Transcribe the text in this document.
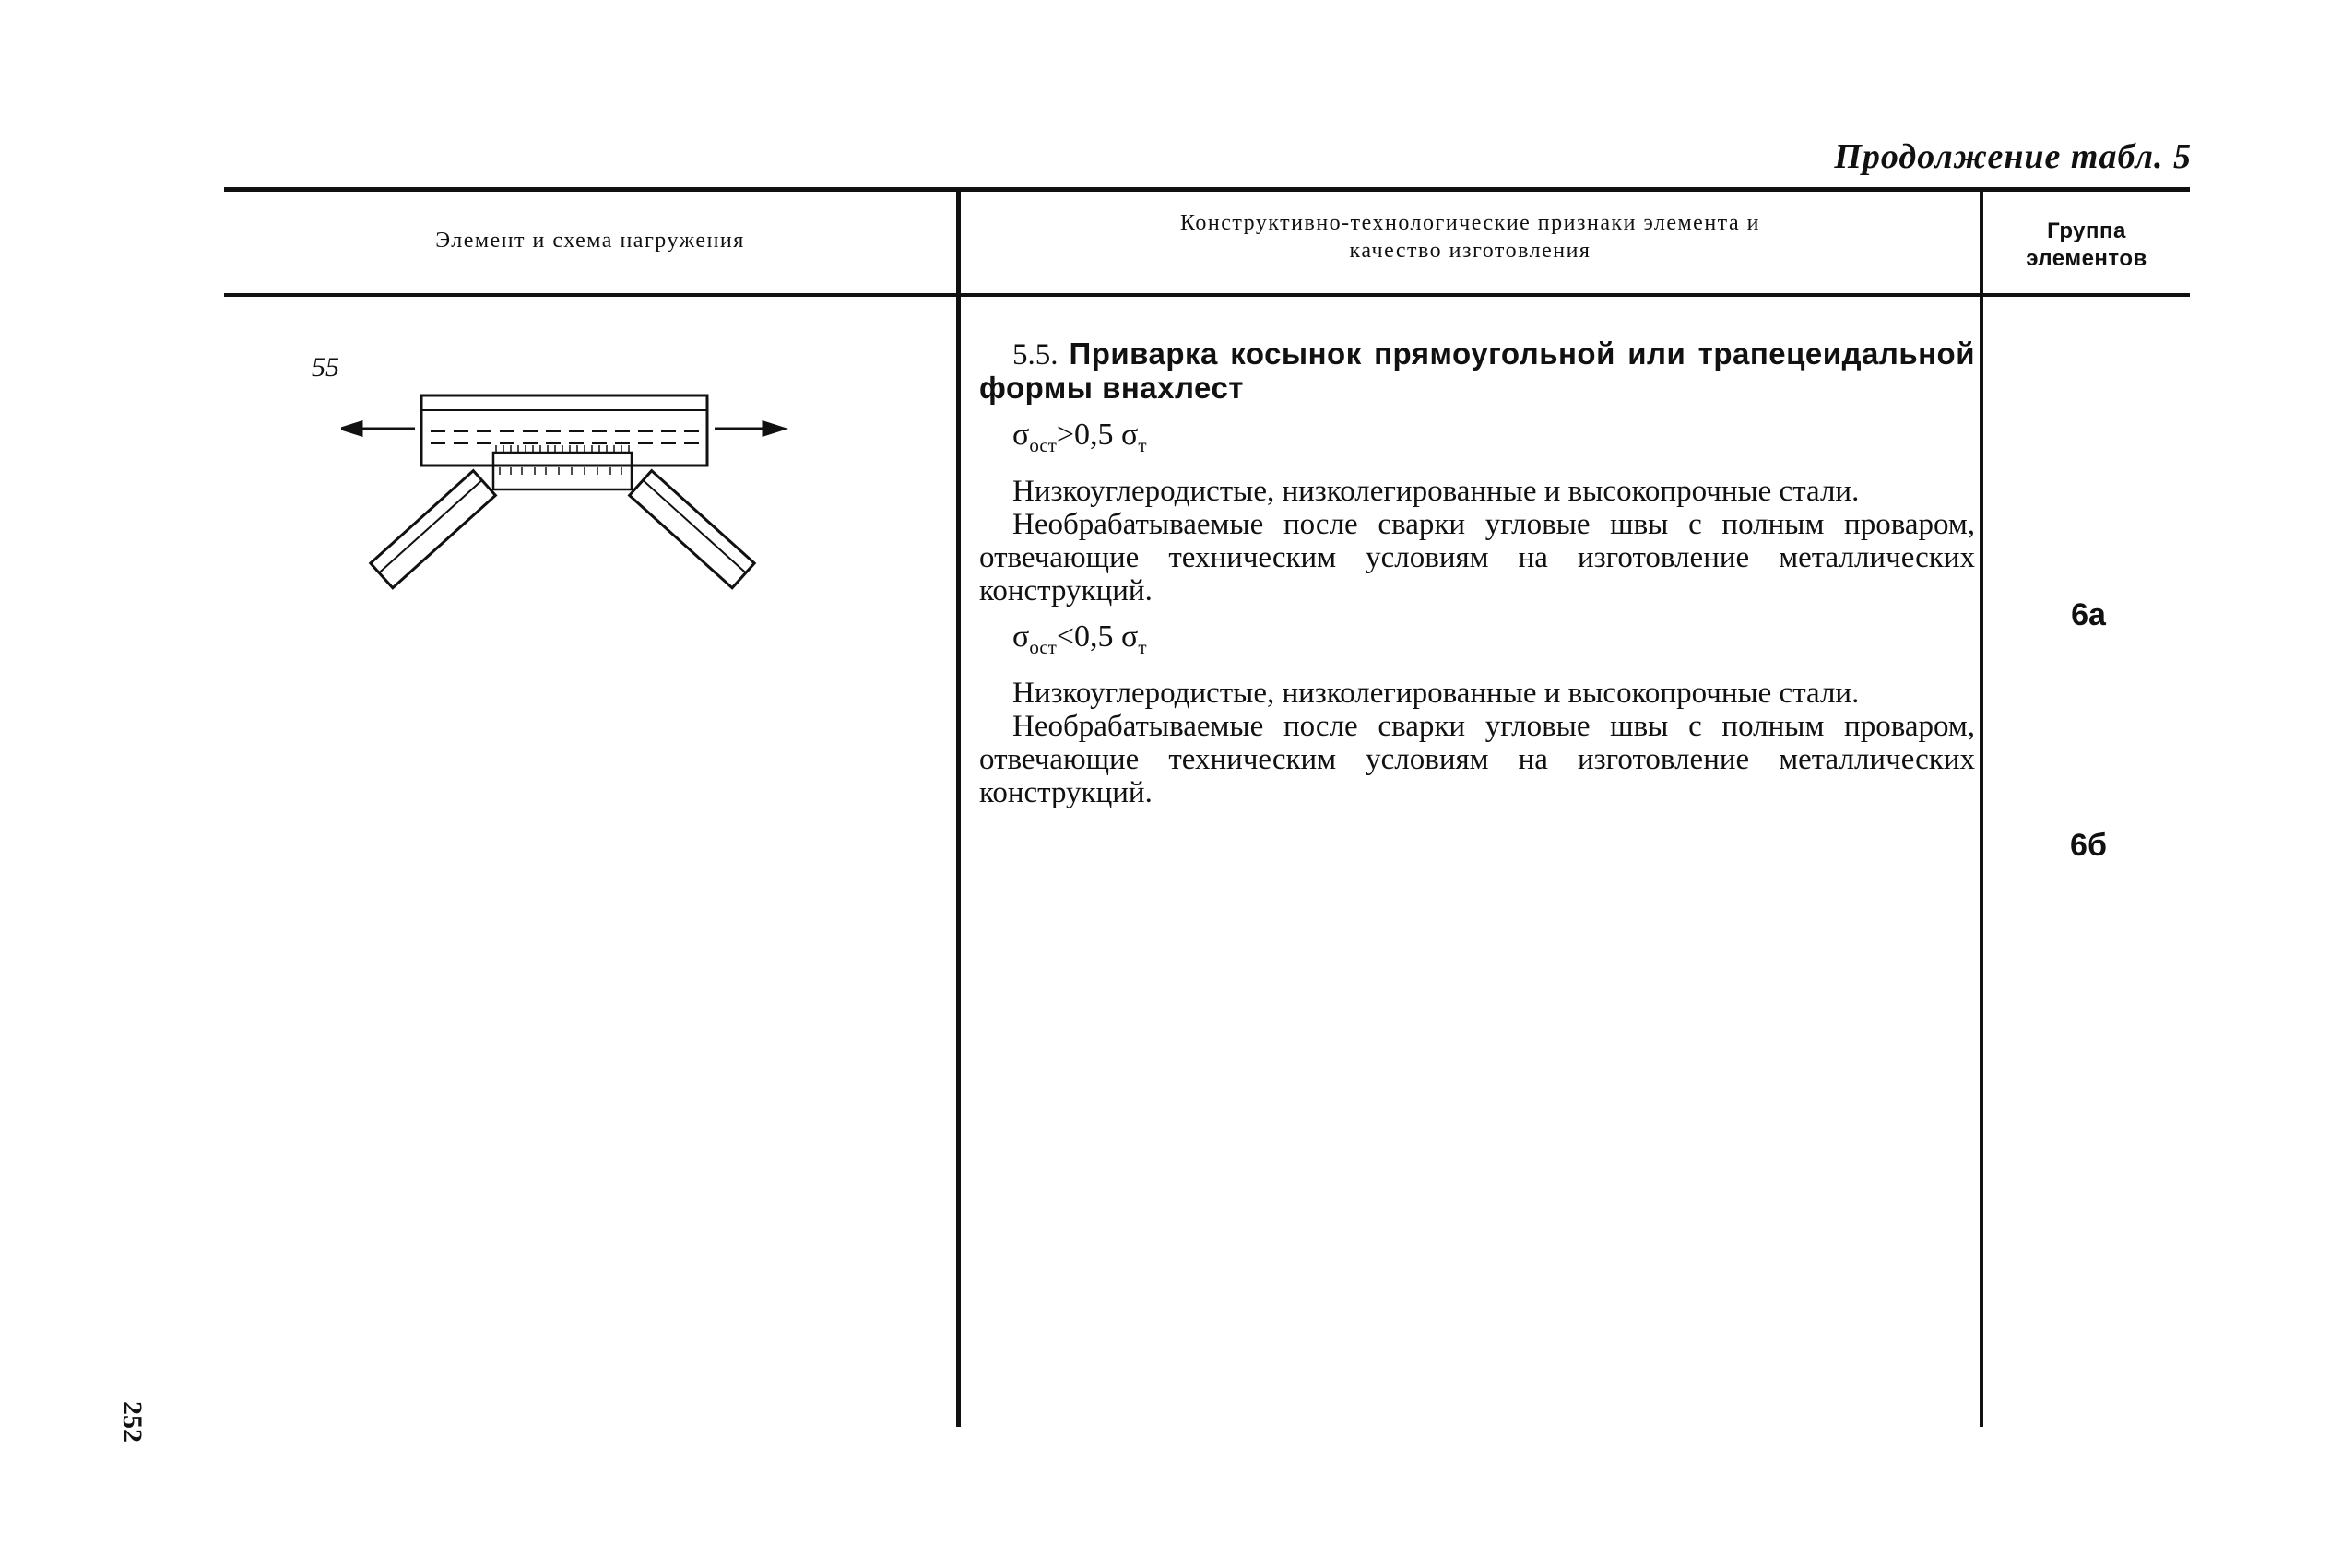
Продолжение табл. 5
Элемент и схема нагружения
Конструктивно-технологические признаки элемента и
качество изготовления
Группа
элементов
55	5.5. Приварка косынок прямоугольной или трапецеидальной формы внахлест

$\sigma_{ост}>0,5$ $\sigma_т$

Низкоуглеродистые, низколегированные и высокопрочные стали.

Необрабатываемые после сварки угловые швы с полным проваром, отвечающие техническим условиям на изготовление металлических конструкций.

$\sigma_{ост}<0,5$ $\sigma_т$

Низкоуглеродистые, низколегированные и высокопрочные стали.

Необрабатываемые после сварки угловые швы с полным проваром, отвечающие техническим условиям на изготовление металлических конструкций.

6а
6б
252
